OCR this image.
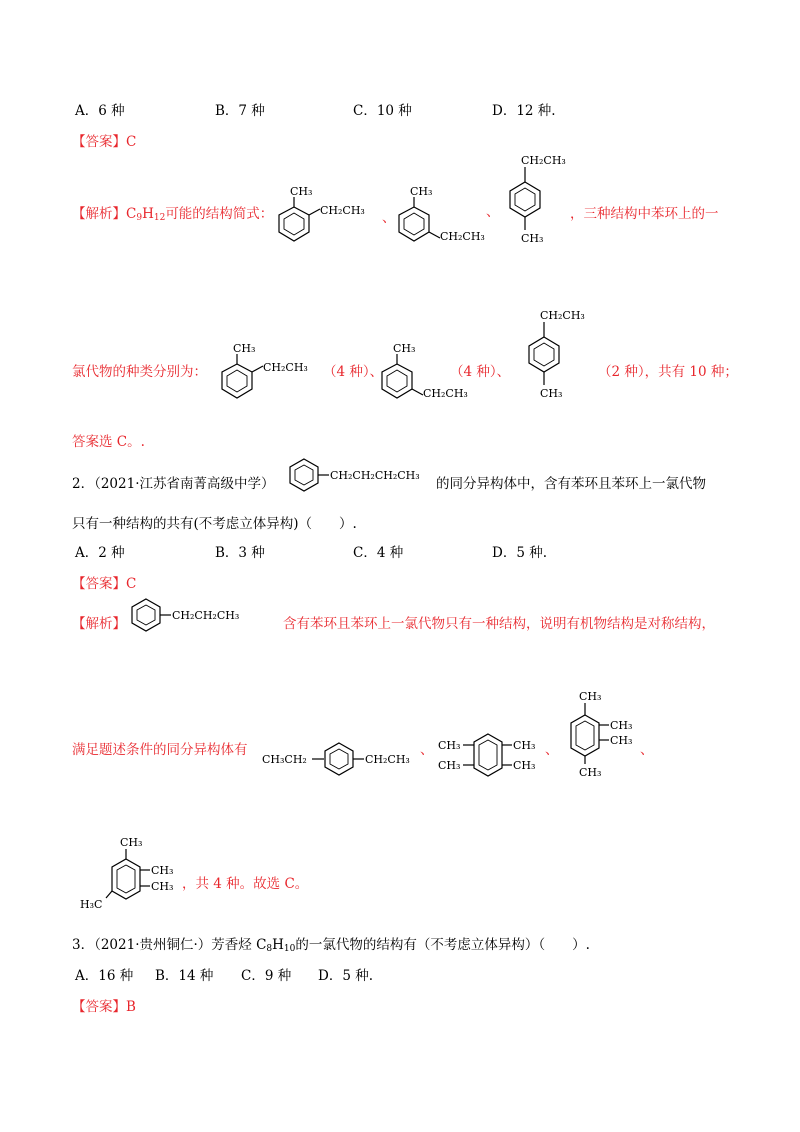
A．6 种	B．7 种	C．10 种	D．12 种.
【答案】C
【解析】$C_9H_{12}$可能的结构简式：
CH₃
CH₂CH₃ 、
CH₃
CH₂CH₃
、
CH₂CH₃
CH₃
，三种结构中苯环上的一
氯代物的种类分别为：
CH₃
CH₂CH₃ （4 种）、
CH₃
CH₂CH₃
（4 种）、
CH₂CH₃
CH₃
（2 种），共有 10 种；
答案选 C。.
2．（2021·江苏省南菁高级中学）
CH₂CH₂CH₂CH₃
的同分异构体中，含有苯环且苯环上一氯代物
只有一种结构的共有(不考虑立体异构)（　　）.
A．2 种	B．3 种	C．4 种	D．5 种.
【答案】C
【解析】
CH₂CH₂CH₃
含有苯环且苯环上一氯代物只有一种结构，说明有机物结构是对称结构，
满足题述条件的同分异构体有
CH₃CH₂	CH₂CH₃
、 CH₃
CH₃
CH₃
CH₃
、
CH₃
CH₃
CH₃
CH₃
、
CH₃
CH₃
CH₃
H₃C
，共 4 种。故选 C。
3．（2021·贵州铜仁·）芳香烃 $C_8H_{10}$的一氯代物的结构有（不考虑立体异构）（　　）.
A．16 种 B．14 种 C．9 种 D．5 种.
【答案】B
